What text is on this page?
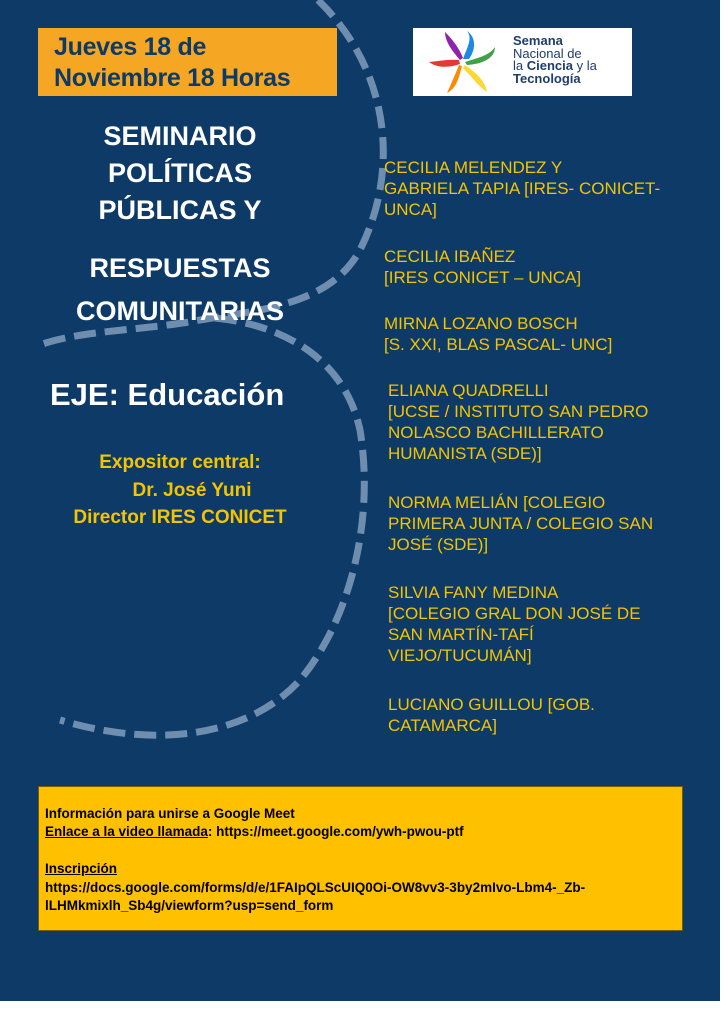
Jueves 18 de
Noviembre 18 Horas
Semana
Nacional de
la Ciencia y la
Tecnología
SEMINARIO
POLÍTICAS
PÚBLICAS Y
RESPUESTAS
COMUNITARIAS
EJE: Educación
Expositor central:
Dr. José Yuni
Director IRES CONICET
CECILIA MELENDEZ Y
GABRIELA TAPIA [IRES- CONICET-
UNCA]
CECILIA IBAÑEZ
[IRES CONICET – UNCA]
MIRNA LOZANO BOSCH
[S. XXI, BLAS PASCAL- UNC]
ELIANA QUADRELLI
[UCSE / INSTITUTO SAN PEDRO
NOLASCO BACHILLERATO
HUMANISTA (SDE)]
NORMA MELIÁN [COLEGIO
PRIMERA JUNTA / COLEGIO SAN
JOSÉ (SDE)]
SILVIA FANY MEDINA
[COLEGIO GRAL DON JOSÉ DE
SAN MARTÍN-TAFÍ
VIEJO/TUCUMÁN]
LUCIANO GUILLOU [GOB.
CATAMARCA]
Información para unirse a Google Meet
Enlace a la video llamada: https://meet.google.com/ywh-pwou-ptf
Inscripción
https://docs.google.com/forms/d/e/1FAIpQLScUIQ0Oi-OW8vv3-3by2mIvo-Lbm4-_Zb-
lLHMkmixlh_Sb4g/viewform?usp=send_form
